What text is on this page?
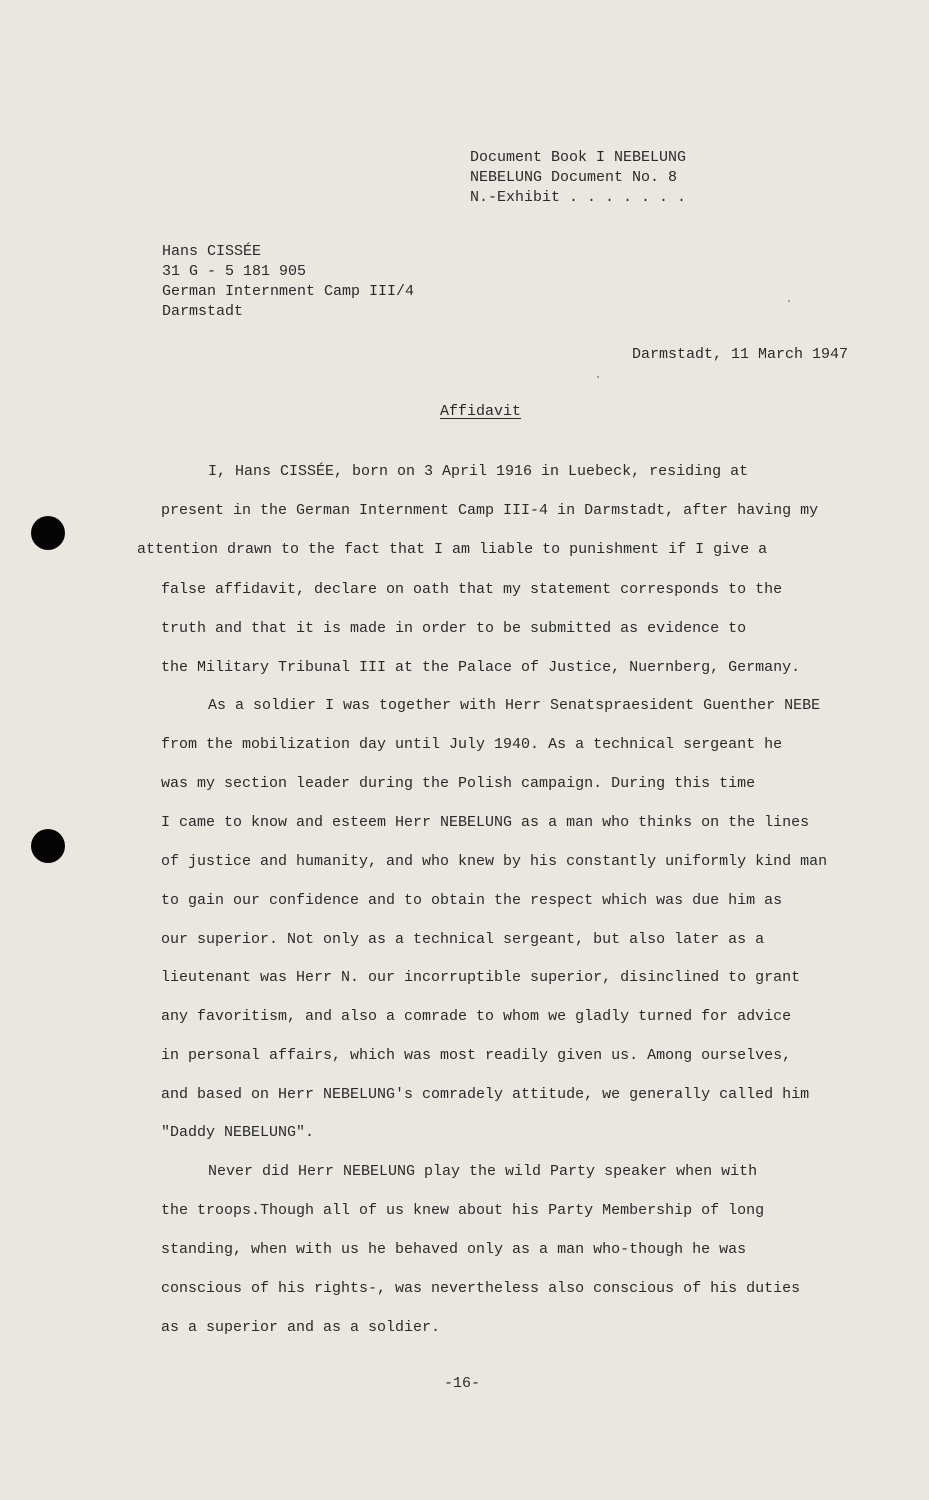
Document Book I NEBELUNG
NEBELUNG Document No. 8
N.-Exhibit . . . . . . .
Hans CISSÉE
31 G - 5 181 905
German Internment Camp III/4
Darmstadt
Darmstadt, 11 March 1947
Affidavit
I, Hans CISSÉE, born on 3 April 1916 in Luebeck, residing at
present in the German Internment Camp III-4 in Darmstadt, after having my
attention drawn to the fact that I am liable to punishment if I give a
false affidavit, declare on oath that my statement corresponds to the
truth and that it is made in order to be submitted as evidence to
the Military Tribunal III at the Palace of Justice, Nuernberg, Germany.
As a soldier I was together with Herr Senatspraesident Guenther NEBE
from the mobilization day until July 1940. As a technical sergeant he
was my section leader during the Polish campaign. During this time
I came to know and esteem Herr NEBELUNG as a man who thinks on the lines
of justice and humanity, and who knew by his constantly uniformly kind man
to gain our confidence and to obtain the respect which was due him as
our superior. Not only as a technical sergeant, but also later as a
lieutenant was Herr N. our incorruptible superior, disinclined to grant
any favoritism, and also a comrade to whom we gladly turned for advice
in personal affairs, which was most readily given us. Among ourselves,
and based on Herr NEBELUNG's comradely attitude, we generally called him
"Daddy NEBELUNG".
Never did Herr NEBELUNG play the wild Party speaker when with
the troops.Though all of us knew about his Party Membership of long
standing, when with us he behaved only as a man who-though he was
conscious of his rights-, was nevertheless also conscious of his duties
as a superior and as a soldier.
-16-
